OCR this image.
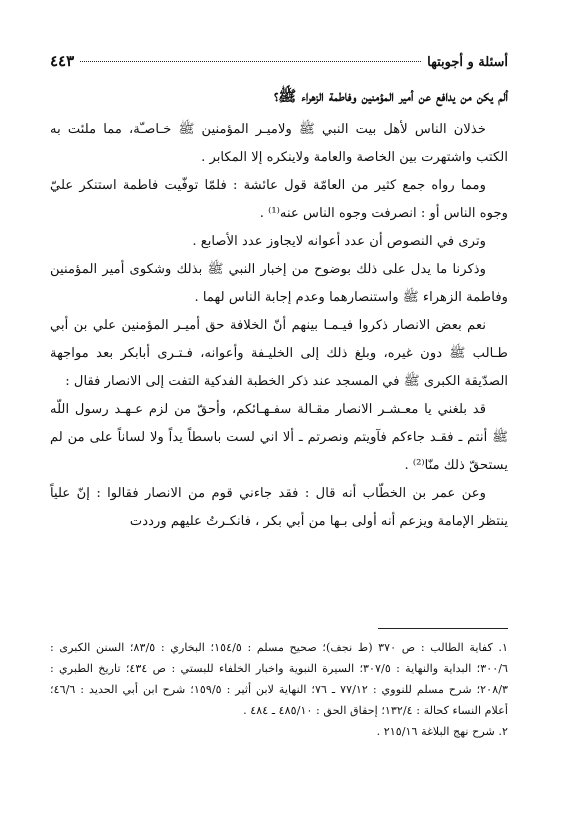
أسئلة و أجوبتها
٤٤٣
ألم يكن من يدافع عن أمير المؤمنين وفاطمة الزهراء ﷺ؟

خذلان الناس لأهل بيت النبي ﷺ ولاميـر المؤمنين ﷺ خـاصـّة، مما ملئت به الكتب واشتهرت بين الخاصة والعامة ولاينكره إلا المكابر .

ومما رواه جمع كثير من العامّة قول عائشة : فلمّا توفّيت فاطمة استنكر عليّ وجوه الناس أو : انصرفت وجوه الناس عنه⁽¹⁾ .

وترى في النصوص أن عدد أعوانه لايجاوز عدد الأصابع .

وذكرنا ما يدل على ذلك بوضوح من إخبار النبي ﷺ بذلك وشكوى أمير المؤمنين وفاطمة الزهراء ﷺ واستنصارهما وعدم إجابة الناس لهما .

نعم بعض الانصار ذكروا فيـمـا بينهم أنّ الخلافة حق أميـر المؤمنين علي بن أبي طـالب ﷺ دون غيره، وبلغ ذلك إلى الخليـفة وأعوانه، فـتـرى أبابكر بعد مواجهة الصدّيقة الكبرى ﷺ في المسجد عند ذكر الخطبة الفدكية التفت إلى الانصار فقال :

قد بلغني يا معـشـر الانصار مقـالة سفـهـائكم، وأحقّ من لزم عـهـد رسول اللّه ﷺ أنتم ـ فقـد جاءكم فآويتم ونصرتم ـ ألا اني لست باسطاً يداً ولا لساناً على من لم يستحقّ ذلك منّا⁽²⁾ .

وعن عمر بن الخطّاب أنه قال : فقد جاءني قوم من الانصار فقالوا : إنّ علياً ينتظر الإمامة ويزعم أنه أولى بـها من أبي بكر ، فانكـرتُ عليهم ورددت

١. كفاية الطالب : ص ٣٧٠ (ط نجف)؛ صحيح مسلم : ١٥٤/٥؛ البخاري : ٨٣/٥؛ السنن الكبرى : ٣٠٠/٦؛ البداية والنهاية : ٣٠٧/٥؛ السيرة النبوية واخبار الخلفاء للبستي : ص ٤٣٤؛ تاريخ الطبري : ٢٠٨/٣؛ شرح مسلم للنووي : ٧٧/١٢ ـ ٧٦؛ النهاية لابن أثير : ١٥٩/٥؛ شرح ابن أبي الحديد : ٤٦/٦؛ أعلام النساء كحالة : ١٣٢/٤؛ إحقاق الحق : ٤٨٥/١٠ ـ ٤٨٤ .

٢. شرح نهج البلاغة ٢١٥/١٦ .
